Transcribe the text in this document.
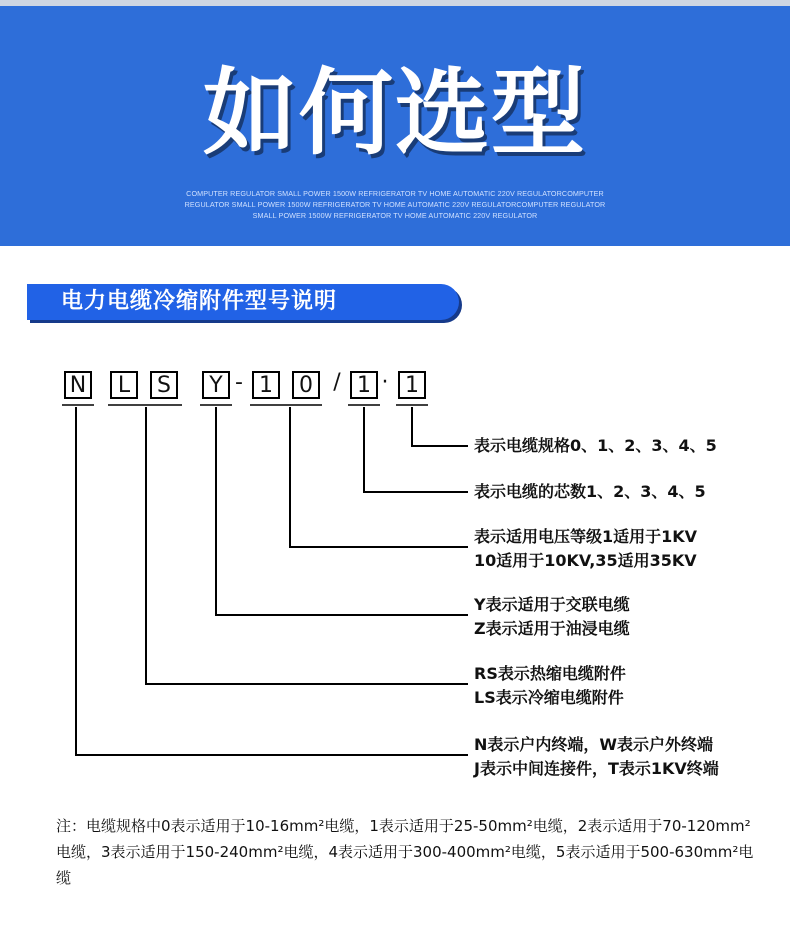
如何选型
COMPUTER REGULATOR SMALL POWER 1500W REFRIGERATOR TV HOME AUTOMATIC 220V REGULATORCOMPUTER REGULATOR SMALL POWER 1500W REFRIGERATOR TV HOME AUTOMATIC 220V REGULATORCOMPUTER REGULATOR SMALL POWER 1500W REFRIGERATOR TV HOME AUTOMATIC 220V REGULATOR
电力电缆冷缩附件型号说明
N	L	S	Y - 1	0 / 1 · 1
表示电缆规格0、1、2、3、4、5
表示电缆的芯数1、2、3、4、5
表示适用电压等级1适用于1KV
10适用于10KV,35适用35KV
Y表示适用于交联电缆
Z表示适用于油浸电缆
RS表示热缩电缆附件
LS表示冷缩电缆附件
N表示户内终端，W表示户外终端
J表示中间连接件，T表示1KV终端
注：电缆规格中0表示适用于10-16mm²电缆，1表示适用于25-50mm²电缆，2表示适用于70-120mm²电缆，3表示适用于150-240mm²电缆，4表示适用于300-400mm²电缆，5表示适用于500-630mm²电缆
